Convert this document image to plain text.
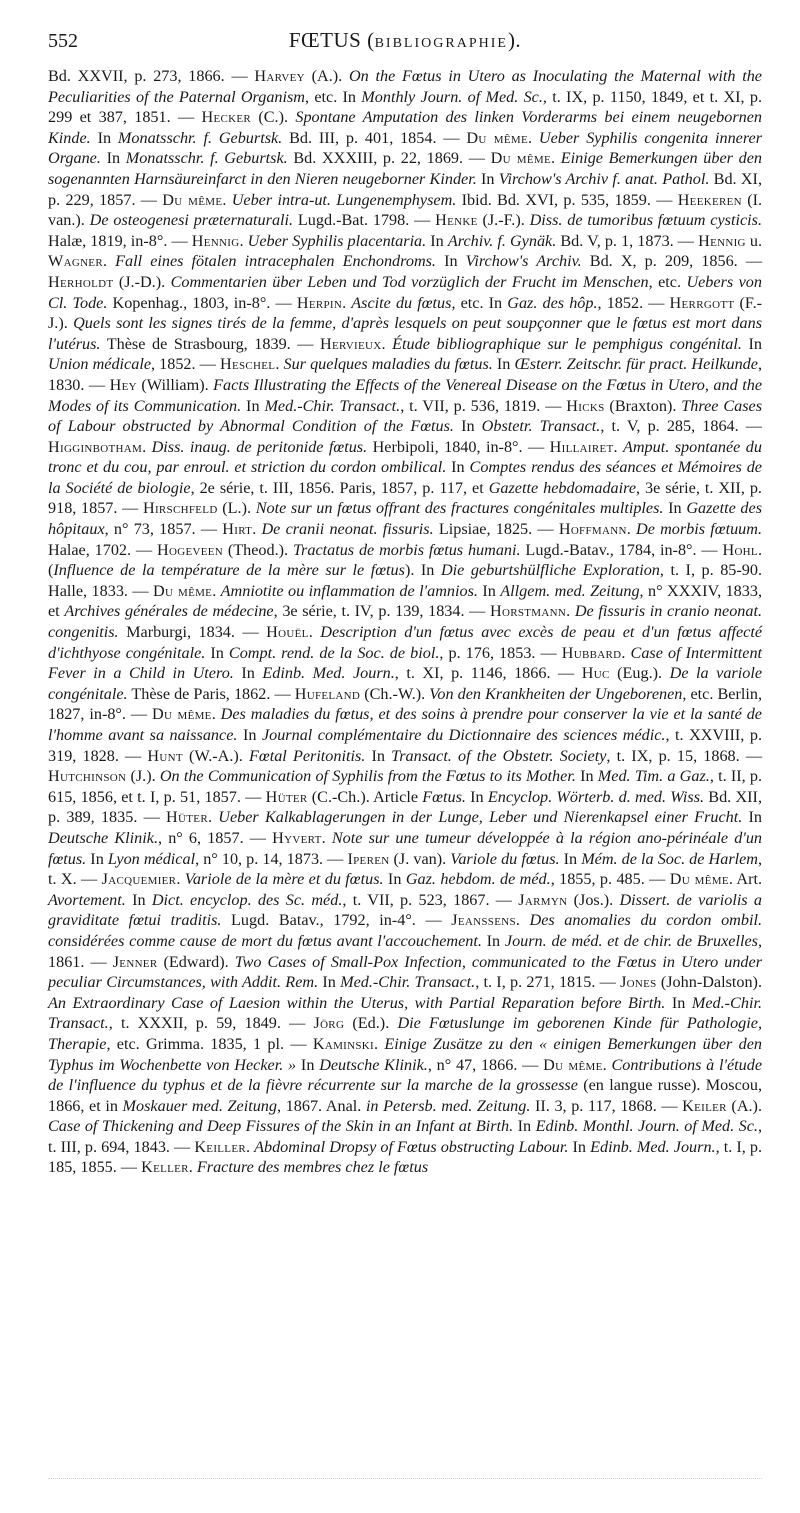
552	FŒTUS (BIBLIOGRAPHIE).
Bd. XXVII, p. 273, 1866. — Harvey (A.). On the Fœtus in Utero as Inoculating the Maternal with the Peculiarities of the Paternal Organism, etc. In Monthly Journ. of Med. Sc., t. IX, p. 1150, 1849, et t. XI, p. 299 et 387, 1851. — Hecker (C.). Spontane Amputation des linken Vorderarms bei einem neugebornen Kinde. In Monatsschr. f. Geburtsk. Bd. III, p. 401, 1854. — Du même. Ueber Syphilis congenita innerer Organe. In Monatsschr. f. Geburtsk. Bd. XXXIII, p. 22, 1869. — Du même. Einige Bemerkungen über den sogenannten Harnsäureinfarct in den Nieren neugeborner Kinder. In Virchow's Archiv f. anat. Pathol. Bd. XI, p. 229, 1857. — Du même. Ueber intra-ut. Lungenemphysem. Ibid. Bd. XVI, p. 535, 1859. — Heekeren (I. van.). De osteogenesi præternaturali. Lugd.-Bat. 1798. — Henke (J.-F.). Diss. de tumoribus fœtuum cysticis. Halæ, 1819, in-8°. — Hennig. Ueber Syphilis placentaria. In Archiv. f. Gynäk. Bd. V, p. 1, 1873. — Hennig u. Wagner. Fall eines fötalen intracephalen Enchondroms. In Virchow's Archiv. Bd. X, p. 209, 1856. — Herholdt (J.-D.). Commentarien über Leben und Tod vorzüglich der Frucht im Menschen, etc. Uebers von Cl. Tode. Kopenhag., 1803, in-8°. — Herpin. Ascite du fœtus, etc. In Gaz. des hôp., 1852. — Herrgott (F.-J.). Quels sont les signes tirés de la femme, d'après lesquels on peut soupçonner que le fœtus est mort dans l'utérus. Thèse de Strasbourg, 1839. — Hervieux. Étude bibliographique sur le pemphigus congénital. In Union médicale, 1852. — Heschel. Sur quelques maladies du fœtus. In Œsterr. Zeitschr. für pract. Heilkunde, 1830. — Hey (William). Facts Illustrating the Effects of the Venereal Disease on the Fœtus in Utero, and the Modes of its Communication. In Med.-Chir. Transact., t. VII, p. 536, 1819. — Hicks (Braxton). Three Cases of Labour obstructed by Abnormal Condition of the Fœtus. In Obstetr. Transact., t. V, p. 285, 1864. — Higginbotham. Diss. inaug. de peritonide fœtus. Herbipoli, 1840, in-8°. — Hillairet. Amput. spontanée du tronc et du cou, par enroul. et striction du cordon ombilical. In Comptes rendus des séances et Mémoires de la Société de biologie, 2e série, t. III, 1856. Paris, 1857, p. 117, et Gazette hebdomadaire, 3e série, t. XII, p. 918, 1857. — Hirschfeld (L.). Note sur un fœtus offrant des fractures congénitales multiples. In Gazette des hôpitaux, n° 73, 1857. — Hirt. De cranii neonat. fissuris. Lipsiae, 1825. — Hoffmann. De morbis fœtuum. Halae, 1702. — Hogeveen (Theod.). Tractatus de morbis fœtus humani. Lugd.-Batav., 1784, in-8°. — Hohl. (Influence de la température de la mère sur le fœtus). In Die geburtshülfliche Exploration, t. I, p. 85-90. Halle, 1833. — Du même. Amniotite ou inflammation de l'amnios. In Allgem. med. Zeitung, n° XXXIV, 1833, et Archives générales de médecine, 3e série, t. IV, p. 139, 1834. — Horstmann. De fissuris in cranio neonat. congenitis. Marburgi, 1834. — Houël. Description d'un fœtus avec excès de peau et d'un fœtus affecté d'ichthyose congénitale. In Compt. rend. de la Soc. de biol., p. 176, 1853. — Hubbard. Case of Intermittent Fever in a Child in Utero. In Edinb. Med. Journ., t. XI, p. 1146, 1866. — Huc (Eug.). De la variole congénitale. Thèse de Paris, 1862. — Hufeland (Ch.-W.). Von den Krankheiten der Ungeborenen, etc. Berlin, 1827, in-8°. — Du même. Des maladies du fœtus, et des soins à prendre pour conserver la vie et la santé de l'homme avant sa naissance. In Journal complémentaire du Dictionnaire des sciences médic., t. XXVIII, p. 319, 1828. — Hunt (W.-A.). Fœtal Peritonitis. In Transact. of the Obstetr. Society, t. IX, p. 15, 1868. — Hutchinson (J.). On the Communication of Syphilis from the Fœtus to its Mother. In Med. Tim. a Gaz., t. II, p. 615, 1856, et t. I, p. 51, 1857. — Hüter (C.-Ch.). Article Fœtus. In Encyclop. Wörterb. d. med. Wiss. Bd. XII, p. 389, 1835. — Hüter. Ueber Kalkablagerungen in der Lunge, Leber und Nierenkapsel einer Frucht. In Deutsche Klinik., n° 6, 1857. — Hyvert. Note sur une tumeur développée à la région ano-périnéale d'un fœtus. In Lyon médical, n° 10, p. 14, 1873. — Iperen (J. van). Variole du fœtus. In Mém. de la Soc. de Harlem, t. X. — Jacquemier. Variole de la mère et du fœtus. In Gaz. hebdom. de méd., 1855, p. 485. — Du même. Art. Avortement. In Dict. encyclop. des Sc. méd., t. VII, p. 523, 1867. — Jarmyn (Jos.). Dissert. de variolis a graviditate fœtui traditis. Lugd. Batav., 1792, in-4°. — Jeanssens. Des anomalies du cordon ombil. considérées comme cause de mort du fœtus avant l'accouchement. In Journ. de méd. et de chir. de Bruxelles, 1861. — Jenner (Edward). Two Cases of Small-Pox Infection, communicated to the Fœtus in Utero under peculiar Circumstances, with Addit. Rem. In Med.-Chir. Transact., t. I, p. 271, 1815. — Jones (John-Dalston). An Extraordinary Case of Laesion within the Uterus, with Partial Reparation before Birth. In Med.-Chir. Transact., t. XXXII, p. 59, 1849. — Jörg (Ed.). Die Fœtuslunge im geborenen Kinde für Pathologie, Therapie, etc. Grimma. 1835, 1 pl. — Kaminski. Einige Zusätze zu den « einigen Bemerkungen über den Typhus im Wochenbette von Hecker. » In Deutsche Klinik., n° 47, 1866. — Du même. Contributions à l'étude de l'influence du typhus et de la fièvre récurrente sur la marche de la grossesse (en langue russe). Moscou, 1866, et in Moskauer med. Zeitung, 1867. Anal. in Petersb. med. Zeitung. II. 3, p. 117, 1868. — Keiler (A.). Case of Thickening and Deep Fissures of the Skin in an Infant at Birth. In Edinb. Monthl. Journ. of Med. Sc., t. III, p. 694, 1843. — Keiller. Abdominal Dropsy of Fœtus obstructing Labour. In Edinb. Med. Journ., t. I, p. 185, 1855. — Keller. Fracture des membres chez le fœtus
